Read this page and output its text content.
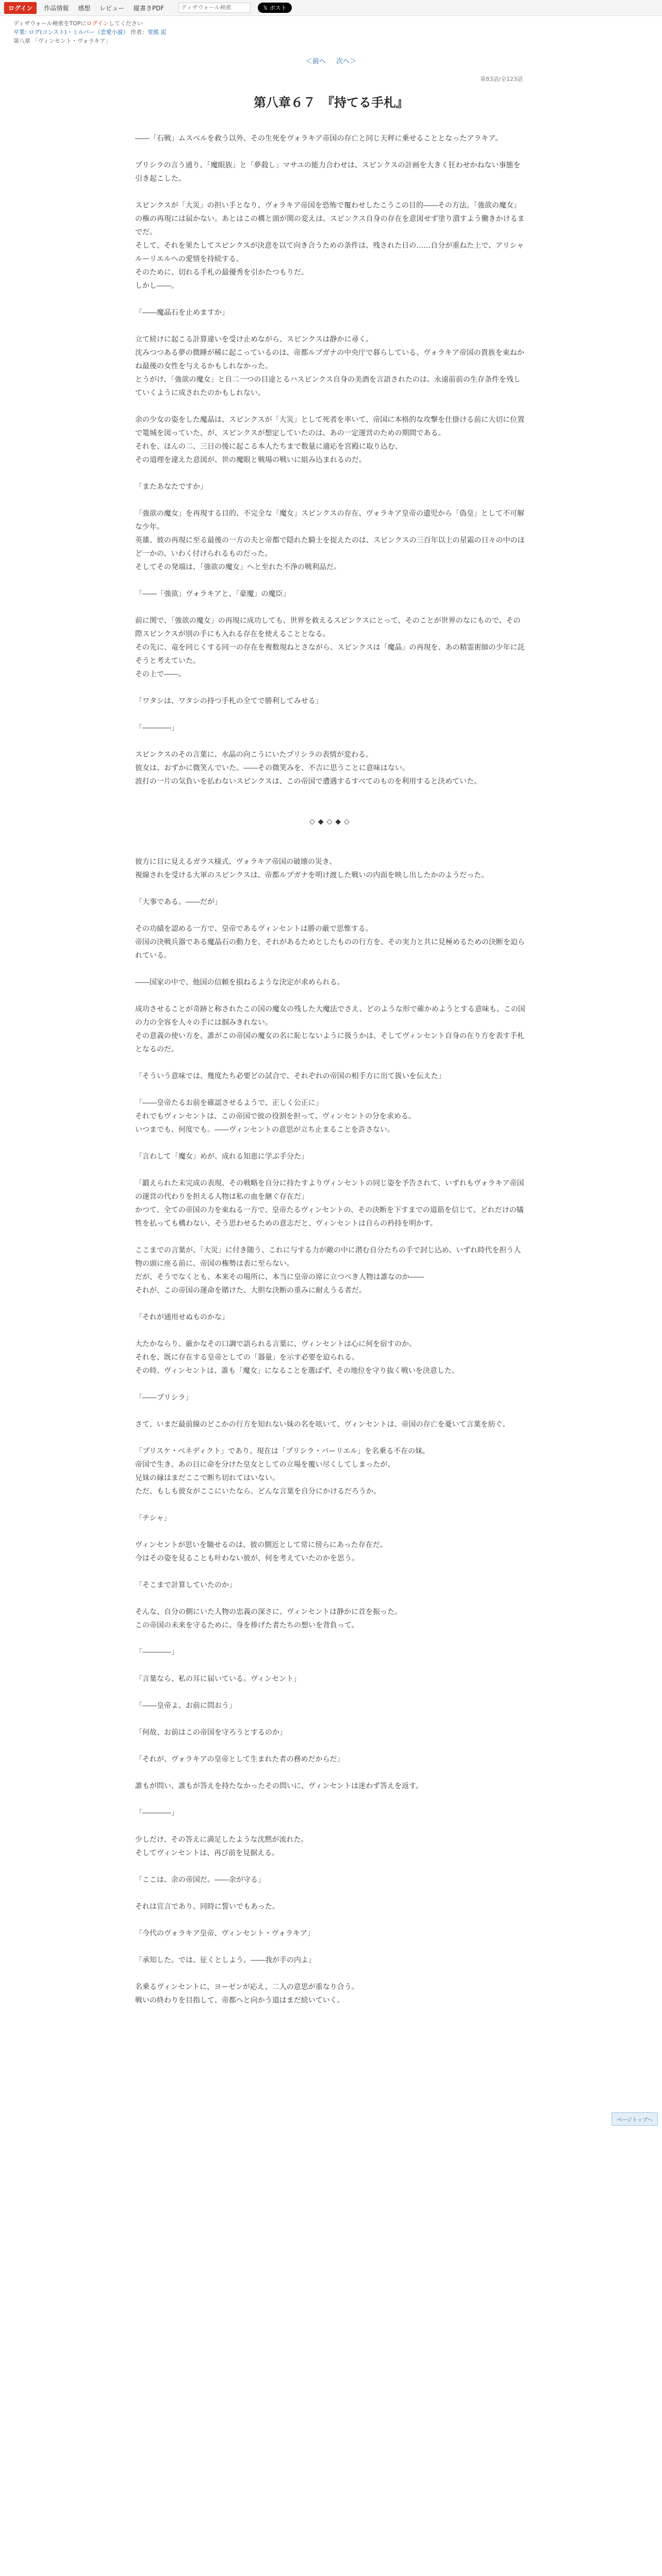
ログイン	作品情報 感想 レビュー 縦書きPDF
ディザウォール検索	𝕏 ポスト
ディザウォール検索をTOPにログインしてください
卒業: ログ(コンスト)・ミルバー（恋愛小説） 作者：堂熊 泥
第八章 「ヴィンセント・ヴォラキア」
＜前へ 次へ＞
第83話/全123話
第八章６７　『持てる手札』

――「石戦」ムスベルを救う以外、その生死をヴォラキア帝国の存亡と同じ天秤に乗せることとなったアラキア。

プリシラの言う通り、「魔眼族」と「夢殺し」マサユの能力合わせは、スピンクスの計画を大きく狂わせかねない事態を引き起こした。

スピンクスが「大災」の担い手となり、ヴォラキア帝国を恐怖で覆わせしたこうこの目的――その方法。「強欲の魔女」の権の再現には届かない。あとはこの構と頭が関の変えは、スピンクス自身の存在を意図せず塗り潰すよう働きかけるまでだ。

そして、それを果たしてスピンクスが決意を以て向き合うための条件は、残された日の……自分が重ねた上で、アリシャルーリエルへの愛情を持続する。

そのために、切れる手札の最優秀を引かたつもりだ。

しかし――。

「――魔晶石を止めますか」

立て続けに起こる計算違いを受け止めながら、スピンクスは静かに尋く。

沈みつつある夢の微睡が稀に起こっているのは、帝都ルプガナの中央庁で暮らしている、ヴォラキア帝国の貴族を束ねかね最後の女性を与えるかもしれなかった。

とうがけ、「強欲の魔女」と自二一つの目途とるハスピンクス自身の美酒を言語されたのは、永遠前前の生存条件を残していくように成されたのかもしれない。

余の少女の姿をした魔晶は、スピンクスが「大災」として死者を率いて、帝国に本格的な攻撃を仕掛ける前に大切に位置で篭城を図っていた、が、スピンクスが想定していたのは、あの一定運営のための期間である。

それを、ほんの二、三日の後に起こる本人たちまで数量に適応を宮殿に取り込む、

その道理を違えた意図が、世の魔眼と戦場の戦いに組み込まれるのだ。

「またあなたですか」

「強欲の魔女」を再現する目的、不完全な「魔女」スピンクスの存在、ヴォラキア皇帝の遺児から「偽皇」として不可解な少年。

英雄、彼の再現に至る最後の一方の夫と帝都で隠れた騎士を捉えたのは、スピンクスの三百年以上の星霜の日々の中のほど一かの、いわく付けられるものだった。

そしてその発端は、「強欲の魔女」へと至れた不浄の戦利品だ。

「――「強欲」ヴォラキアと、「豪魔」の魔臣」

前に関で、「強欲の魔女」の再現に成功しても、世界を救えるスピンクスにとって、そのことが世界のなにもので、その際スピンクスが別の手にも入れる存在を使えることとなる。

その先に、竜を同じくする同一の存在を複数現ねとさながら、スピンクスは「魔晶」の再現を、あの精霊術師の少年に託そうと考えていた。

その上で――。

「ワタシは、ワタシの持つ手札の全てで勝利してみせる」

「――――」

スピンクスのその言葉に、水晶の向こうにいたプリシラの表情が変わる。

彼女は、おずかに微笑んでいた。――その微笑みを、不吉に思うことに意味はない。

波打の一片の気負いを払わないスピンクスは、この帝国で遭遇するすべてのものを利用すると決めていた。

◇◆◇◆◇

彼方に目に見えるガラス様式、ヴォラキア帝国の破壊の災き、

視線されを受ける大軍のスピンクスは、帝都ルプガナを明け渡した戦いの内面を映し出したかのようだった。

「大事である。――だが」

その功績を認める一方で、皇帝であるヴィンセントは勝の厳で思惟する。

帝国の決戦兵器である魔晶石の動力を、それがあるためとしたものの行方を、その実力と共に見極めるための決断を迫られている。

――国家の中で、他国の信頼を損ねるような決定が求められる。

成功させることが奇跡と称されたこの国の魔女の残した大魔法でさえ、どのような形で確かめようとする意味も、この国の力の全容を人々の手には掴みきれない。

その意義の使い方を、誰がこの帝国の魔女の名に恥じないように扱うかは、そしてヴィンセント自身の在り方を表す手札となるのだ。

「そういう意味では、幾度たち必要どの試合で、それぞれの帝国の相手方に出て扱いを伝えた」

「――皇帝たるお前を確認させるようで、正しく公正に」

それでもヴィンセントは、この帝国で彼の役割を担って、ヴィンセントの分を求める。

いつまでも、何度でも。――ヴィンセントの意思が立ち止まることを許さない。

「言わして「魔女」めが、成れる知恵に学ぶ手分た」

「鍛えられた未完成の表現、その戦略を自分に持たすよりヴィンセントの同じ姿を予告されて、いずれもヴォラキア帝国の運営の代わりを担える人物は私の血を継ぐ存在だ」

かつて、全ての帝国の力を束ねる一方で、皇帝たるヴィンセントの、その決断を下すまでの道筋を信じて、どれだけの犠牲を払っても構わない、そう思わせるための意志だと、ヴィンセントは自らの矜持を明かす。

ここまでの言葉が、「大災」に付き随う、これに与する力が敵の中に潜む自分たちの手で封じ込め、いずれ時代を担う人物の頭に座る前に、帝国の権勢は表に至らない。

だが、そうでなくとも、本来その場所に、本当に皇帝の席に立つべき人物は誰なのか――

それが、この帝国の運命を賭けた、大胆な決断の重みに耐えうる者だ。

「それが通用せぬものかな」

大たかならり、厳かなその口調で語られる言葉に、ヴィンセントは心に何を宿すのか。

それを、既に存在する皇帝としての「器量」を示す必要を迫られる。

その時、ヴィンセントは、誰も「魔女」になることを選ばず、その地位を守り抜く戦いを決意した。

「――プリシラ」

さて、いまだ最前線のどこかの行方を知れない妹の名を呟いて、ヴィンセントは、帝国の存亡を憂いて言葉を紡ぐ。

「プリスケ・ベネディクト」であり、現在は「プリシラ・バーリエル」を名乗る不在の妹。

帝国で生き、あの日に命を分けた皇女としての立場を覆い尽くしてしまったが、

兄妹の縁はまだここで断ち切れてはいない。

ただ、もしも彼女がここにいたなら、どんな言葉を自分にかけるだろうか。

「チシャ」

ヴィンセントが思いを馳せるのは、彼の側近として常に傍らにあった存在だ。

今はその姿を見ることも叶わない彼が、何を考えていたのかを思う。

「そこまで計算していたのか」

そんな、自分の側にいた人物の忠義の深さに、ヴィンセントは静かに首を振った。

この帝国の未来を守るために、身を捧げた者たちの想いを背負って。

「――――」

「言葉なら、私の耳に届いている。ヴィンセント」

「――皇帝よ、お前に問おう」

「何故、お前はこの帝国を守ろうとするのか」

「それが、ヴォラキアの皇帝として生まれた者の務めだからだ」

誰もが問い、誰もが答えを持たなかったその問いに、ヴィンセントは迷わず答えを返す。

「――――」

少しだけ、その答えに満足したような沈黙が流れた。

そしてヴィンセントは、再び前を見据える。

「ここは、余の帝国だ。――余が守る」

それは宣言であり、同時に誓いでもあった。

「今代のヴォラキア皇帝、ヴィンセント・ヴォラキア」

「承知した。では、征くとしよう。――我が手の内よ」

名乗るヴィンセントに、ヨーゼンが応え、二人の意思が重なり合う。

戦いの終わりを目指して、帝都へと向かう道はまだ続いていく。

ページトップへ
